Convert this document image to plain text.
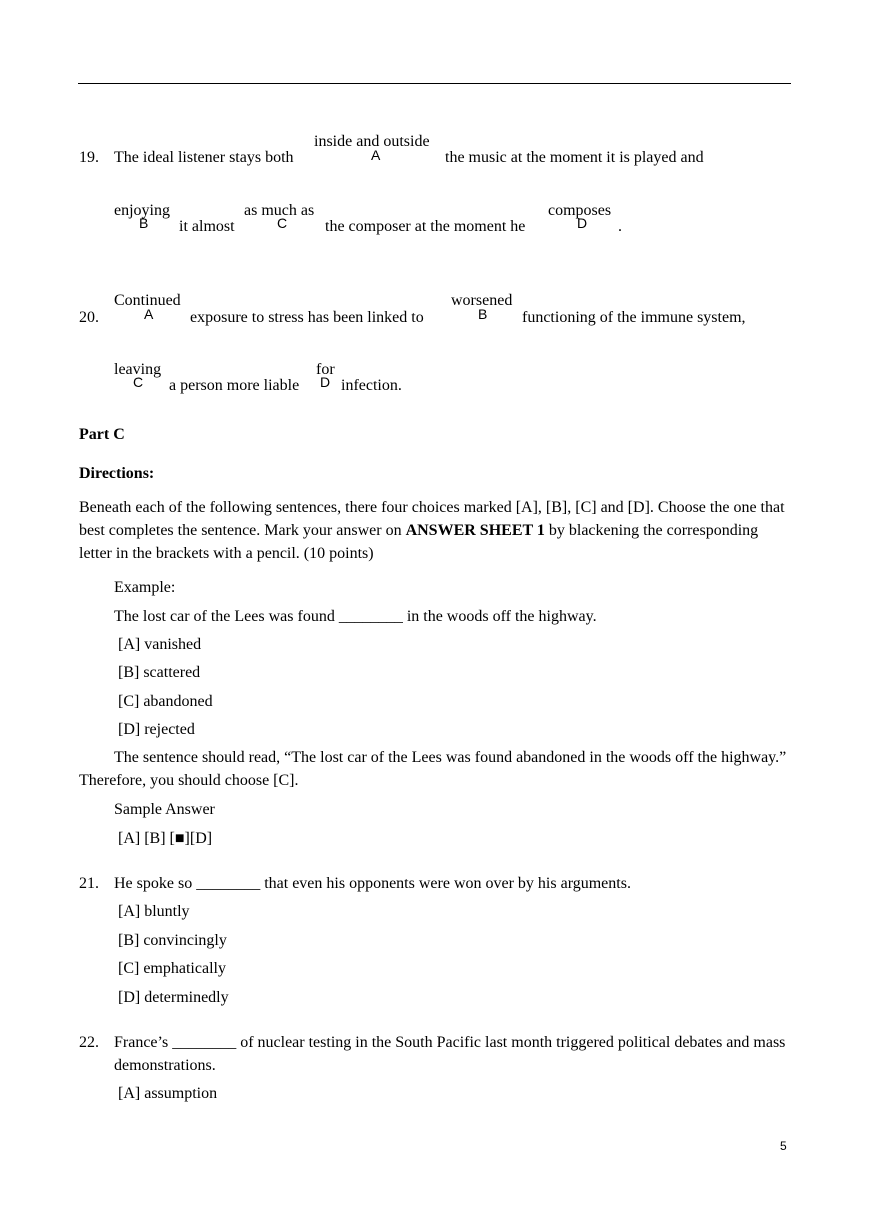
19. The ideal listener stays both
inside and outside
A	the music at the moment it is played and
enjoying
B it almost
as much as
C the composer at the moment he
composes
D .
20.
Continued
A exposure to stress has been linked to
worsened
B functioning of the immune system,
leaving
C a person more liable
for
D infection.
Part C
Directions:
Beneath each of the following sentences, there four choices marked [A], [B], [C] and [D]. Choose the one that best completes the sentence. Mark your answer on ANSWER SHEET 1 by blackening the corresponding letter in the brackets with a pencil. (10 points)
Example:
The lost car of the Lees was found ________ in the woods off the highway.
[A] vanished
[B] scattered
[C] abandoned
[D] rejected
The sentence should read, “The lost car of the Lees was found abandoned in the woods off the highway.” Therefore, you should choose [C].
Sample Answer
[A] [B] [■][D]
21. He spoke so ________ that even his opponents were won over by his arguments.
[A] bluntly
[B] convincingly
[C] emphatically
[D] determinedly
22. France’s ________ of nuclear testing in the South Pacific last month triggered political debates and mass demonstrations.
[A] assumption
5
